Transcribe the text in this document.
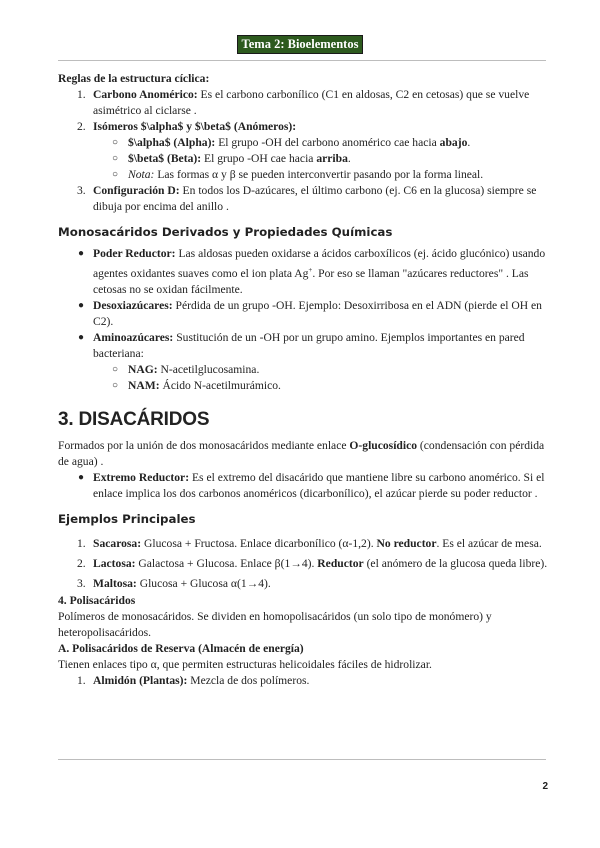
Tema 2: Bioelementos

Reglas de la estructura cíclica:

1. Carbono Anomérico: Es el carbono carbonílico (C1 en aldosas, C2 en cetosas) que se vuelve asimétrico al ciclarse .
2. Isómeros $\alpha$ y $\beta$ (Anómeros):
○ $\alpha$ (Alpha): El grupo -OH del carbono anomérico cae hacia abajo.
○ $\beta$ (Beta): El grupo -OH cae hacia arriba.
○ Nota: Las formas α y β se pueden interconvertir pasando por la forma lineal.
3. Configuración D: En todos los D-azúcares, el último carbono (ej. C6 en la glucosa) siempre se dibuja por encima del anillo .

Monosacáridos Derivados y Propiedades Químicas

● Poder Reductor: Las aldosas pueden oxidarse a ácidos carboxílicos (ej. ácido glucónico) usando agentes oxidantes suaves como el ion plata Ag+. Por eso se llaman "azúcares reductores" . Las cetosas no se oxidan fácilmente.
● Desoxiazúcares: Pérdida de un grupo -OH. Ejemplo: Desoxirribosa en el ADN (pierde el OH en C2).
● Aminoazúcares: Sustitución de un -OH por un grupo amino. Ejemplos importantes en pared bacteriana:
○ NAG: N-acetilglucosamina.
○ NAM: Ácido N-acetilmurámico.

3. DISACÁRIDOS

Formados por la unión de dos monosacáridos mediante enlace O-glucosídico (condensación con pérdida de agua) .

● Extremo Reductor: Es el extremo del disacárido que mantiene libre su carbono anomérico. Si el enlace implica los dos carbonos anoméricos (dicarbonílico), el azúcar pierde su poder reductor .

Ejemplos Principales

1. Sacarosa: Glucosa + Fructosa. Enlace dicarbonílico (α-1,2). No reductor. Es el azúcar de mesa.
2. Lactosa: Galactosa + Glucosa. Enlace β(1→4). Reductor (el anómero de la glucosa queda libre).
3. Maltosa: Glucosa + Glucosa α(1→4).

4. Polisacáridos

Polímeros de monosacáridos. Se dividen en homopolisacáridos (un solo tipo de monómero) y heteropolisacáridos.

A. Polisacáridos de Reserva (Almacén de energía)

Tienen enlaces tipo α, que permiten estructuras helicoidales fáciles de hidrolizar.

1. Almidón (Plantas): Mezcla de dos polímeros.
2
